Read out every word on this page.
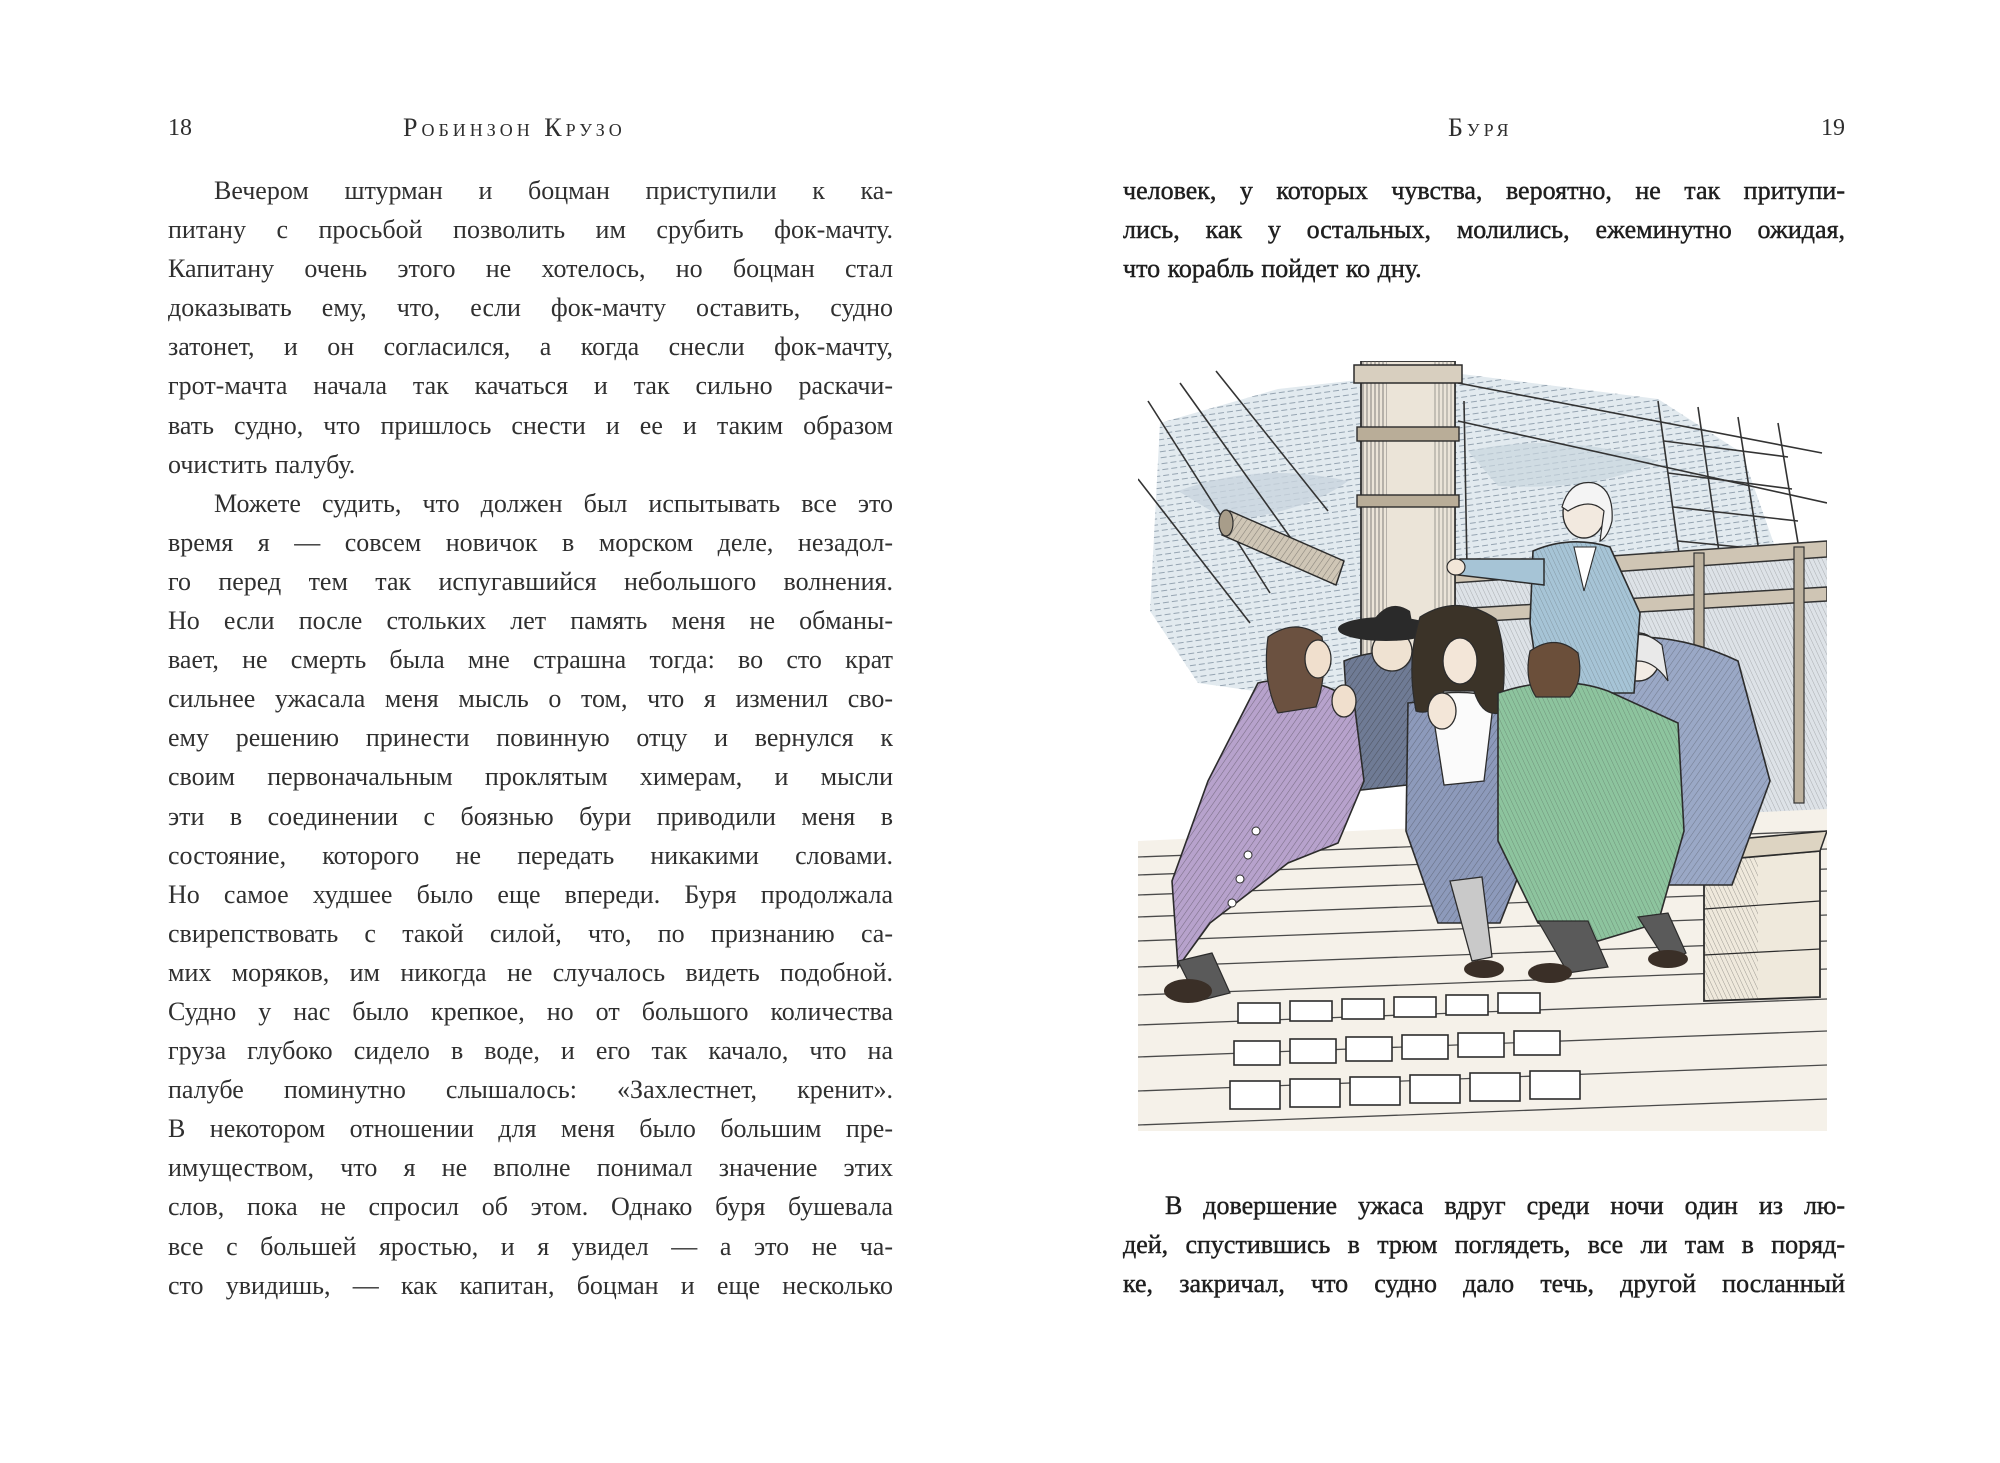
18	Робинзон Крузо
Вечером штурман и боцман приступили к ка-
питану с просьбой позволить им срубить фок-мачту.
Капитану очень этого не хотелось, но боцман стал
доказывать ему, что, если фок-мачту оставить, судно
затонет, и он согласился, а когда снесли фок-мачту,
грот-мачта начала так качаться и так сильно раскачи-
вать судно, что пришлось снести и ее и таким образом
очистить палубу.
Можете судить, что должен был испытывать все это
время я — совсем новичок в морском деле, незадол-
го перед тем так испугавшийся небольшого волнения.
Но если после стольких лет память меня не обманы-
вает, не смерть была мне страшна тогда: во сто крат
сильнее ужасала меня мысль о том, что я изменил сво-
ему решению принести повинную отцу и вернулся к
своим первоначальным проклятым химерам, и мысли
эти в соединении с боязнью бури приводили меня в
состояние, которого не передать никакими словами.
Но самое худшее было еще впереди. Буря продолжала
свирепствовать с такой силой, что, по признанию са-
мих моряков, им никогда не случалось видеть подобной.
Судно у нас было крепкое, но от большого количества
груза глубоко сидело в воде, и его так качало, что на
палубе поминутно слышалось: «Захлестнет, кренит».
В некотором отношении для меня было большим пре-
имуществом, что я не вполне понимал значение этих
слов, пока не спросил об этом. Однако буря бушевала
все с большей яростью, и я увидел — а это не ча-
сто увидишь, — как капитан, боцман и еще несколько
Буря	19
человек, у которых чувства, вероятно, не так притупи-
лись, как у остальных, молились, ежеминутно ожидая,
что корабль пойдет ко дну.
В довершение ужаса вдруг среди ночи один из лю-
дей, спустившись в трюм поглядеть, все ли там в поряд-
ке, закричал, что судно дало течь, другой посланный
